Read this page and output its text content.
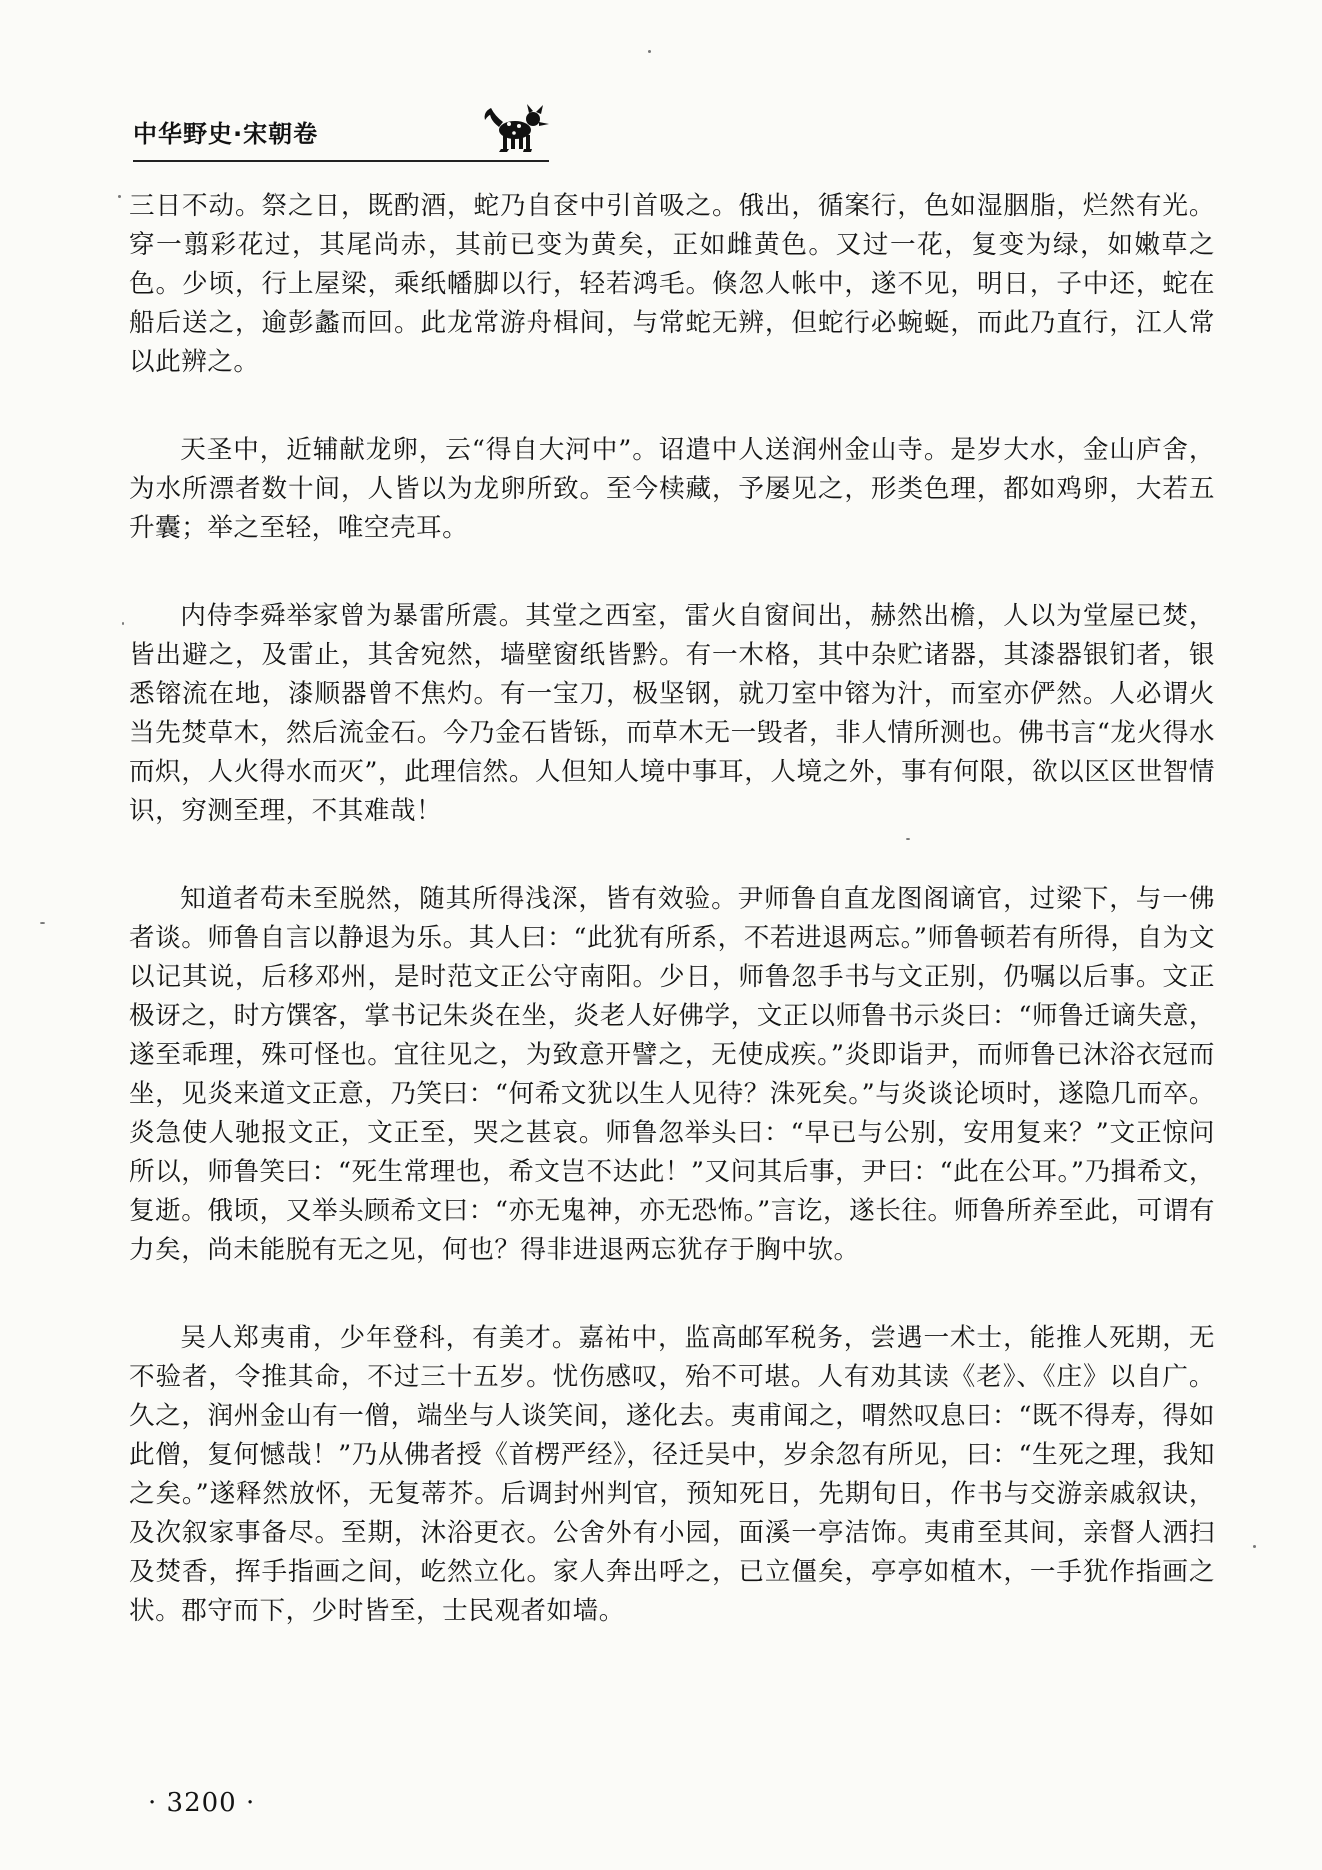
中华野史·宋朝卷

三日不动。祭之日，既酌酒，蛇乃自奁中引首吸之。俄出，循案行，色如湿胭脂，烂然有光。穿一翦彩花过，其尾尚赤，其前已变为黄矣，正如雌黄色。又过一花，复变为绿，如嫩草之色。少顷，行上屋梁，乘纸幡脚以行，轻若鸿毛。倏忽人帐中，遂不见，明日，子中还，蛇在船后送之，逾彭蠡而回。此龙常游舟楫间，与常蛇无辨，但蛇行必蜿蜒，而此乃直行，江人常以此辨之。

天圣中，近辅献龙卵，云“得自大河中”。诏遣中人送润州金山寺。是岁大水，金山庐舍，为水所漂者数十间，人皆以为龙卵所致。至今椟藏，予屡见之，形类色理，都如鸡卵，大若五升囊；举之至轻，唯空壳耳。

内侍李舜举家曾为暴雷所震。其堂之西室，雷火自窗间出，赫然出檐，人以为堂屋已焚，皆出避之，及雷止，其舍宛然，墙壁窗纸皆黔。有一木格，其中杂贮诸器，其漆器银钔者，银悉镕流在地，漆顺器曾不焦灼。有一宝刀，极坚钢，就刀室中镕为汁，而室亦俨然。人必谓火当先焚草木，然后流金石。今乃金石皆铄，而草木无一毁者，非人情所测也。佛书言“龙火得水而炽，人火得水而灭”，此理信然。人但知人境中事耳，人境之外，事有何限，欲以区区世智情识，穷测至理，不其难哉！

知道者苟未至脱然，随其所得浅深，皆有效验。尹师鲁自直龙图阁谪官，过梁下，与一佛者谈。师鲁自言以静退为乐。其人曰：“此犹有所系，不若进退两忘。”师鲁顿若有所得，自为文以记其说，后移邓州，是时范文正公守南阳。少日，师鲁忽手书与文正别，仍嘱以后事。文正极讶之，时方馔客，掌书记朱炎在坐，炎老人好佛学，文正以师鲁书示炎曰：“师鲁迁谪失意，遂至乖理，殊可怪也。宜往见之，为致意开譬之，无使成疾。”炎即诣尹，而师鲁已沐浴衣冠而坐，见炎来道文正意，乃笑曰：“何希文犹以生人见待？洙死矣。”与炎谈论顷时，遂隐几而卒。炎急使人驰报文正，文正至，哭之甚哀。师鲁忽举头曰：“早已与公别，安用复来？”文正惊问所以，师鲁笑曰：“死生常理也，希文岂不达此！”又问其后事，尹曰：“此在公耳。”乃揖希文，复逝。俄顷，又举头顾希文曰：“亦无鬼神，亦无恐怖。”言讫，遂长往。师鲁所养至此，可谓有力矣，尚未能脱有无之见，何也？得非进退两忘犹存于胸中欤。

吴人郑夷甫，少年登科，有美才。嘉祐中，监高邮军税务，尝遇一术士，能推人死期，无不验者，令推其命，不过三十五岁。忧伤感叹，殆不可堪。人有劝其读《老》、《庄》以自广。久之，润州金山有一僧，端坐与人谈笑间，遂化去。夷甫闻之，喟然叹息曰：“既不得寿，得如此僧，复何憾哉！”乃从佛者授《首楞严经》，径迁吴中，岁余忽有所见，曰：“生死之理，我知之矣。”遂释然放怀，无复蒂芥。后调封州判官，预知死日，先期旬日，作书与交游亲戚叙诀，及次叙家事备尽。至期，沐浴更衣。公舍外有小园，面溪一亭洁饰。夷甫至其间，亲督人洒扫及焚香，挥手指画之间，屹然立化。家人奔出呼之，已立僵矣，亭亭如植木，一手犹作指画之状。郡守而下，少时皆至，士民观者如墙。

· 3200 ·
